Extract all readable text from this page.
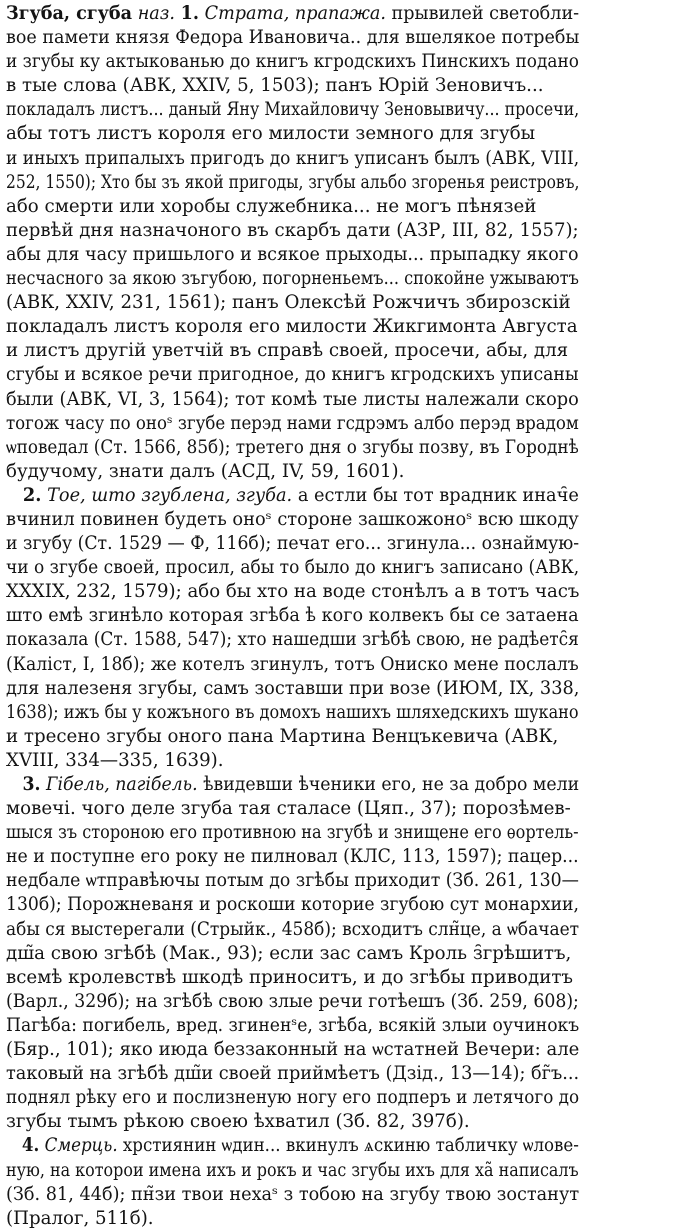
Згуба, сгуба наз. 1. Страта, прапажа. прывилей светобли-
вое памети князя Федора Ивановича.. для вшелякое потребы
и згубы ку актыкованью до книгъ кгродскихъ Пинскихъ подано
в тые слова (АВК, XXIV, 5, 1503); панъ Юрій Зеновичъ...
покладалъ листъ... даный Яну Михайловичу Зеновывичу... просечи,
абы тотъ листъ короля его милости земного для згубы
и иныхъ припалыхъ пригодъ до книгъ уписанъ былъ (АВК, VIII,
252, 1550); Хто бы зъ якой пригоды, згубы альбо згоренья реистровъ,
або смерти или хоробы служебника... не могъ пѣнязей
первѣй дня назначоного въ скарбъ дати (АЗР, III, 82, 1557);
абы для часу пришьлого и всякое прыходы... прыпадку якого
несчасного за якою зъгубою, погорненьемъ... спокойне ужываютъ
(АВК, XXIV, 231, 1561); панъ Олексѣй Рожчичъ збирозскій
покладалъ листъ короля его милости Жикгимонта Августа
и листъ другій уветчій въ справѣ своей, просечи, абы, для
сгубы и всякое речи пригодное, до книгъ кгродскихъ уписаны
были (АВК, VI, 3, 1564); тот комѣ тые листы належали скоро
тогож часу по оноˢ згубе перэд нами гсдрэмъ албо перэд врадом
ѡповедал (Ст. 1566, 85б); третего дня о згубы позву, въ Городнѣ
будучому, знати далъ (АСД, IV, 59, 1601).
2. Тое, што згублена, згуба. а естли бы тот врадник инач̑е
вчинил повинен будеть оноˢ стороне зашкожоноˢ всю шкоду
и згубу (Ст. 1529 — Ф, 116б); печат его... згинула... ознаймую-
чи о згубе своей, просил, абы то было до книгъ записано (АВК,
XXXIX, 232, 1579); або бы хто на воде стонѣлъ а в тотъ часъ
што емѣ згинѣло которая згѣба ѣ кого колвекъ бы се затаена
показала (Ст. 1588, 547); хто нашедши згѣбѣ свою, не радѣетс̑я
(Каліст, I, 18б); же котелъ згинулъ, тотъ Ониско мене послалъ
для налезеня згубы, самъ зоставши при возе (ИЮМ, IX, 338,
1638); ижъ бы у кожъного въ домохъ нашихъ шляхедскихъ шукано
и тресено згубы оного пана Мартина Венцъкевича (АВК,
XVIII, 334—335, 1639).
3. Гібель, пагібель. ѣвидевши ѣченики его, не за добро мели
мовечі. чого деле згуба тая сталасе (Цяп., 37); порозѣмев-
шыся зъ стороною его противною на згубѣ и знищене его ѳортель-
не и поступне его року не пилновал (КЛС, 113, 1597); пацер...
недбале ѡтправѣючы потым до згѣбы приходит (Зб. 261, 130—
130б); Порожневаня и роскоши которие згубою сут монархии,
абы ся выстерегали (Стрыйк., 458б); всходитъ слн̃це, а ѡбачает
дш̃а свою згѣбѣ (Мак., 93); если зас самъ Кроль з̑грѣшитъ,
всемѣ кролевствѣ шкодѣ приноситъ, и до згѣбы приводитъ
(Варл., 329б); на згѣбѣ свою злые речи готѣешъ (Зб. 259, 608);
Пагѣба: погибель, вред. згиненˢе, згѣба, всякій злыи оучинокъ
(Бяр., 101); яко июда беззаконный на ѡстатней Вечери: але
таковый на згѣбѣ дш̃и своей приймѣетъ (Дзід., 13—14); бг̃ъ...
поднял рѣку его и послизненую ногу его подперъ и летячого до
згубы тымъ рѣкою своею ѣхватил (Зб. 82, 397б).
4. Смерць. хрстиянин ѡдин... вкинулъ ѧскиню табличку ѡлове-
ную, на которои имена ихъ и рокъ и час згубы ихъ для ха̃ написалъ
(Зб. 81, 44б); пн̃зи твои нехаˢ з тобою на згубу твою зостанут
(Пралог, 511б).
